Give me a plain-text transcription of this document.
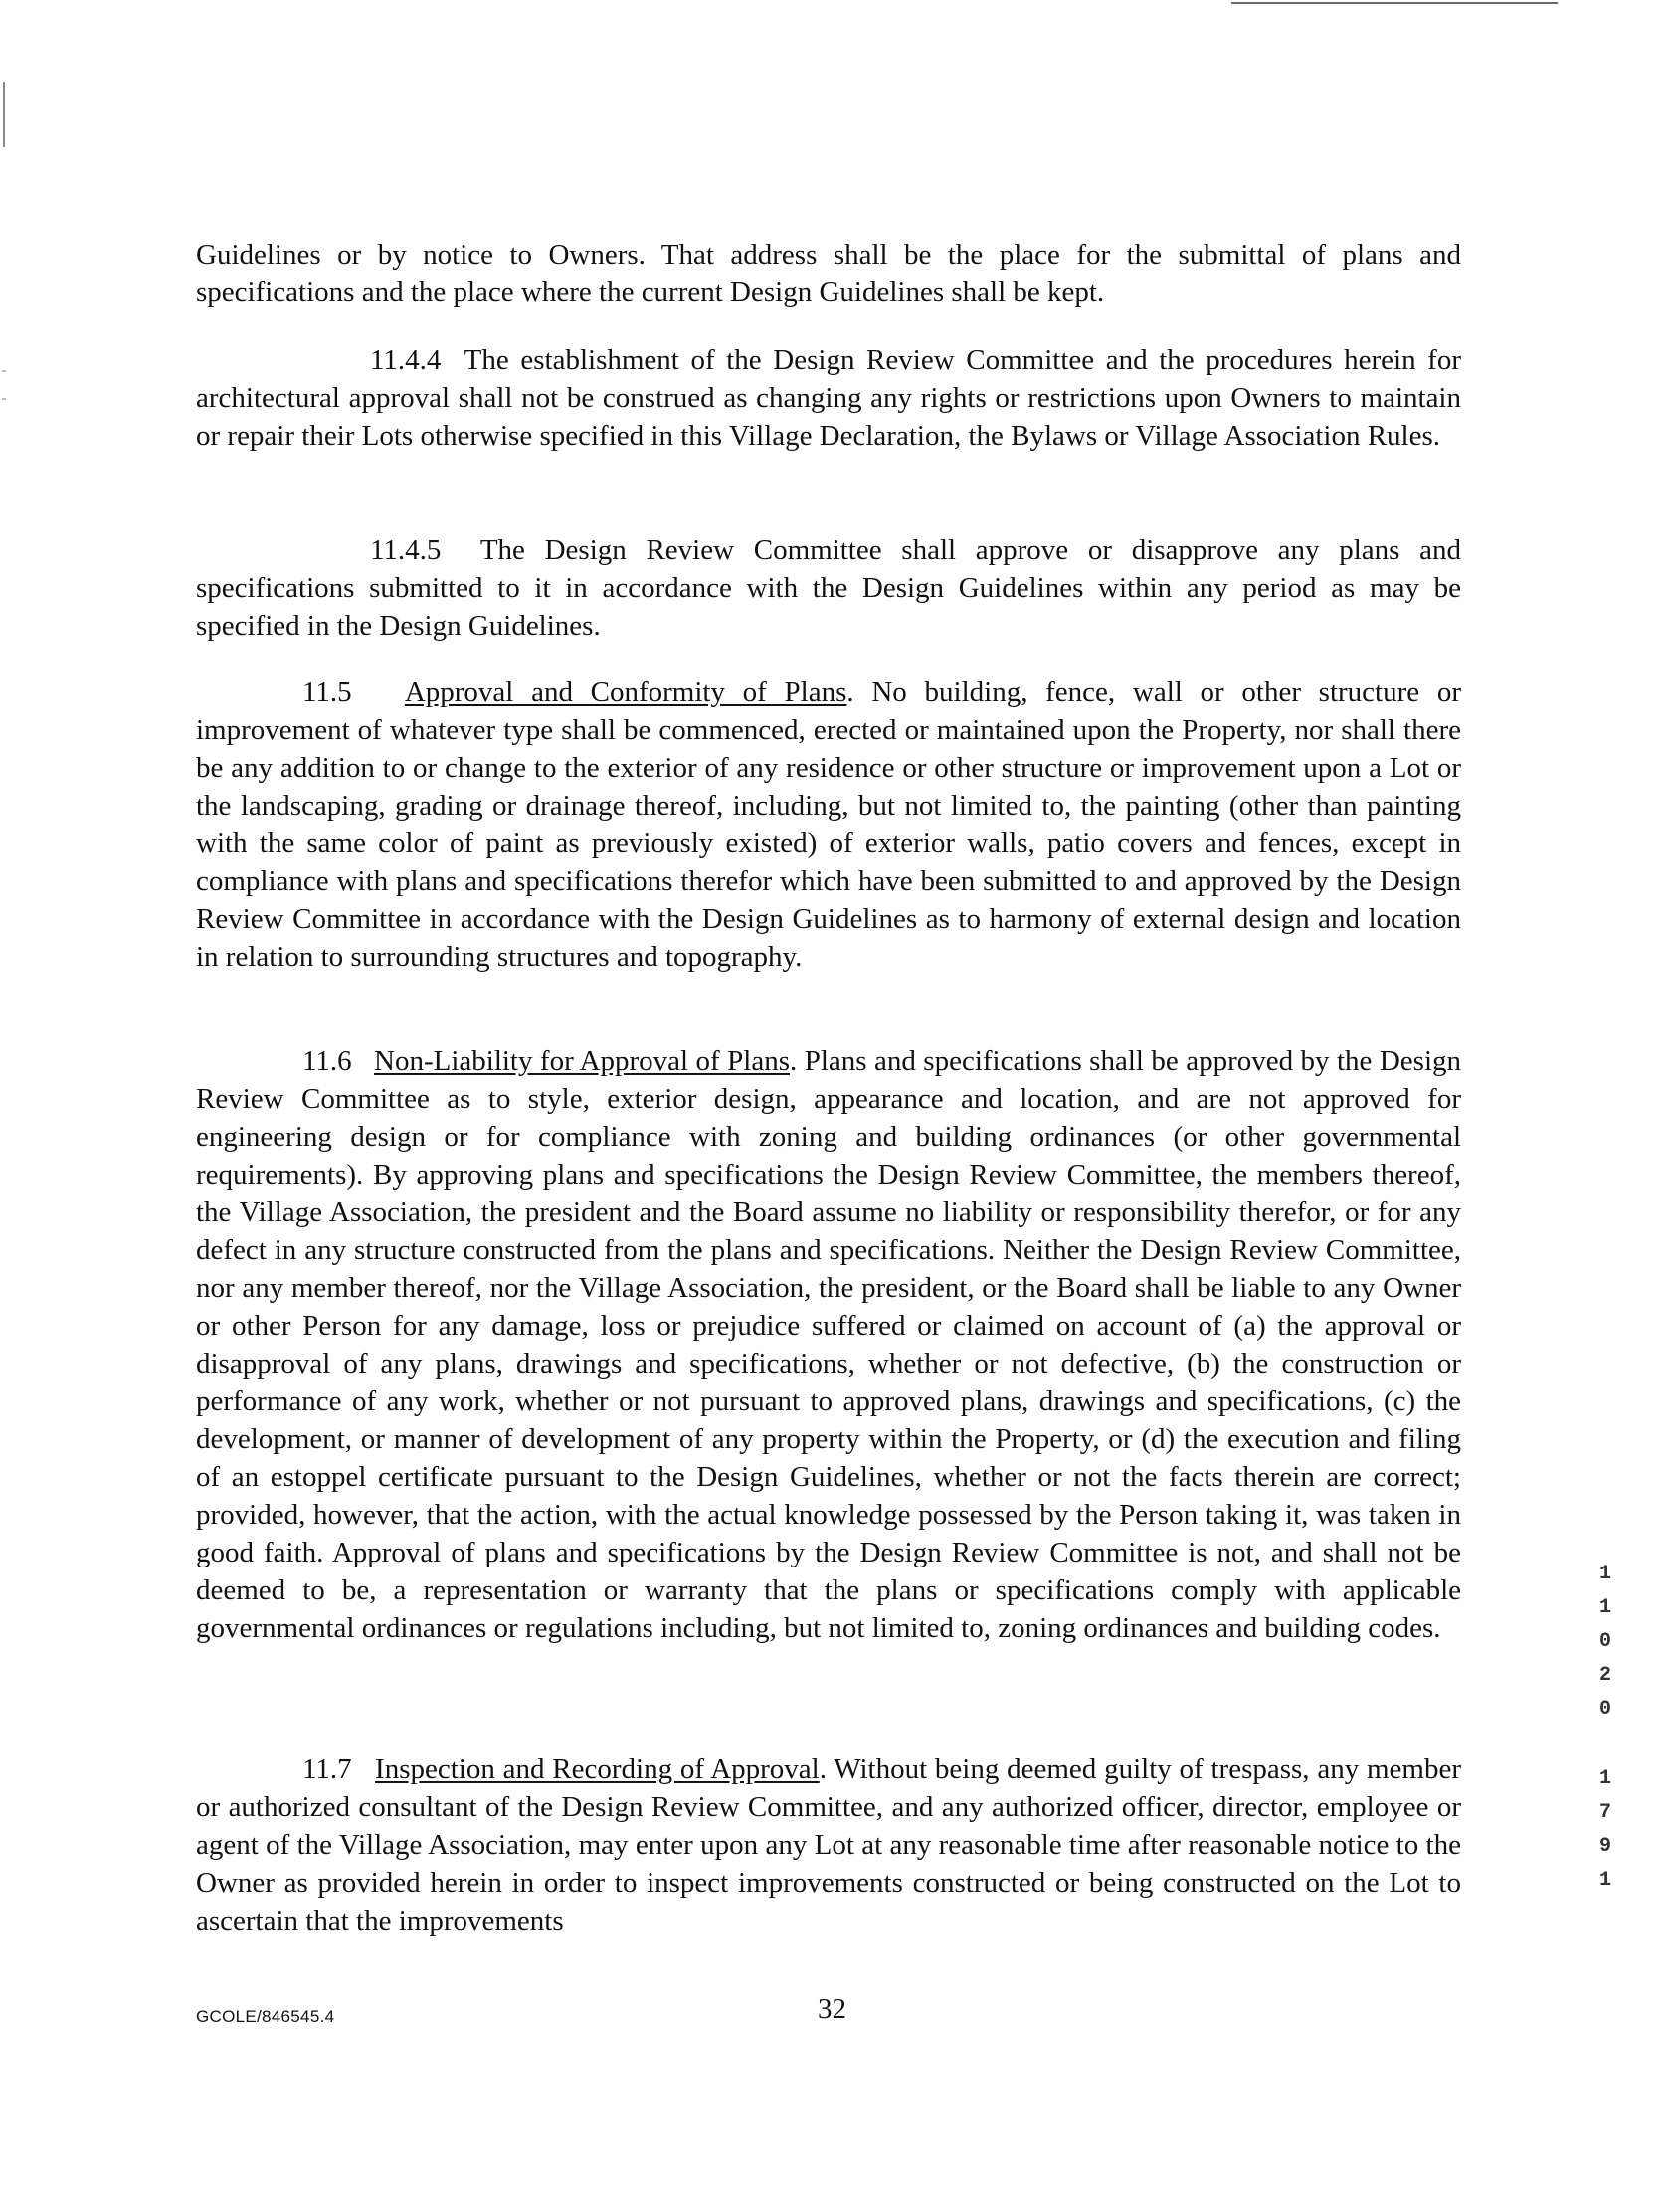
Guidelines or by notice to Owners. That address shall be the place for the submittal of plans and specifications and the place where the current Design Guidelines shall be kept.

11.4.4 The establishment of the Design Review Committee and the procedures herein for architectural approval shall not be construed as changing any rights or restrictions upon Owners to maintain or repair their Lots otherwise specified in this Village Declaration, the Bylaws or Village Association Rules.

11.4.5 The Design Review Committee shall approve or disapprove any plans and specifications submitted to it in accordance with the Design Guidelines within any period as may be specified in the Design Guidelines.

11.5 Approval and Conformity of Plans. No building, fence, wall or other structure or improvement of whatever type shall be commenced, erected or maintained upon the Property, nor shall there be any addition to or change to the exterior of any residence or other structure or improvement upon a Lot or the landscaping, grading or drainage thereof, including, but not limited to, the painting (other than painting with the same color of paint as previously existed) of exterior walls, patio covers and fences, except in compliance with plans and specifications therefor which have been submitted to and approved by the Design Review Committee in accordance with the Design Guidelines as to harmony of external design and location in relation to surrounding structures and topography.

11.6 Non-Liability for Approval of Plans. Plans and specifications shall be approved by the Design Review Committee as to style, exterior design, appearance and location, and are not approved for engineering design or for compliance with zoning and building ordinances (or other governmental requirements). By approving plans and specifications the Design Review Committee, the members thereof, the Village Association, the president and the Board assume no liability or responsibility therefor, or for any defect in any structure constructed from the plans and specifications. Neither the Design Review Committee, nor any member thereof, nor the Village Association, the president, or the Board shall be liable to any Owner or other Person for any damage, loss or prejudice suffered or claimed on account of (a) the approval or disapproval of any plans, drawings and specifications, whether or not defective, (b) the construction or performance of any work, whether or not pursuant to approved plans, drawings and specifications, (c) the development, or manner of development of any property within the Property, or (d) the execution and filing of an estoppel certificate pursuant to the Design Guidelines, whether or not the facts therein are correct; provided, however, that the action, with the actual knowledge possessed by the Person taking it, was taken in good faith. Approval of plans and specifications by the Design Review Committee is not, and shall not be deemed to be, a representation or warranty that the plans or specifications comply with applicable governmental ordinances or regulations including, but not limited to, zoning ordinances and building codes.

11.7 Inspection and Recording of Approval. Without being deemed guilty of trespass, any member or authorized consultant of the Design Review Committee, and any authorized officer, director, employee or agent of the Village Association, may enter upon any Lot at any reasonable time after reasonable notice to the Owner as provided herein in order to inspect improvements constructed or being constructed on the Lot to ascertain that the improvements

GCOLE/846545.4	32
1
1
0
2
0
1
7
9
1
